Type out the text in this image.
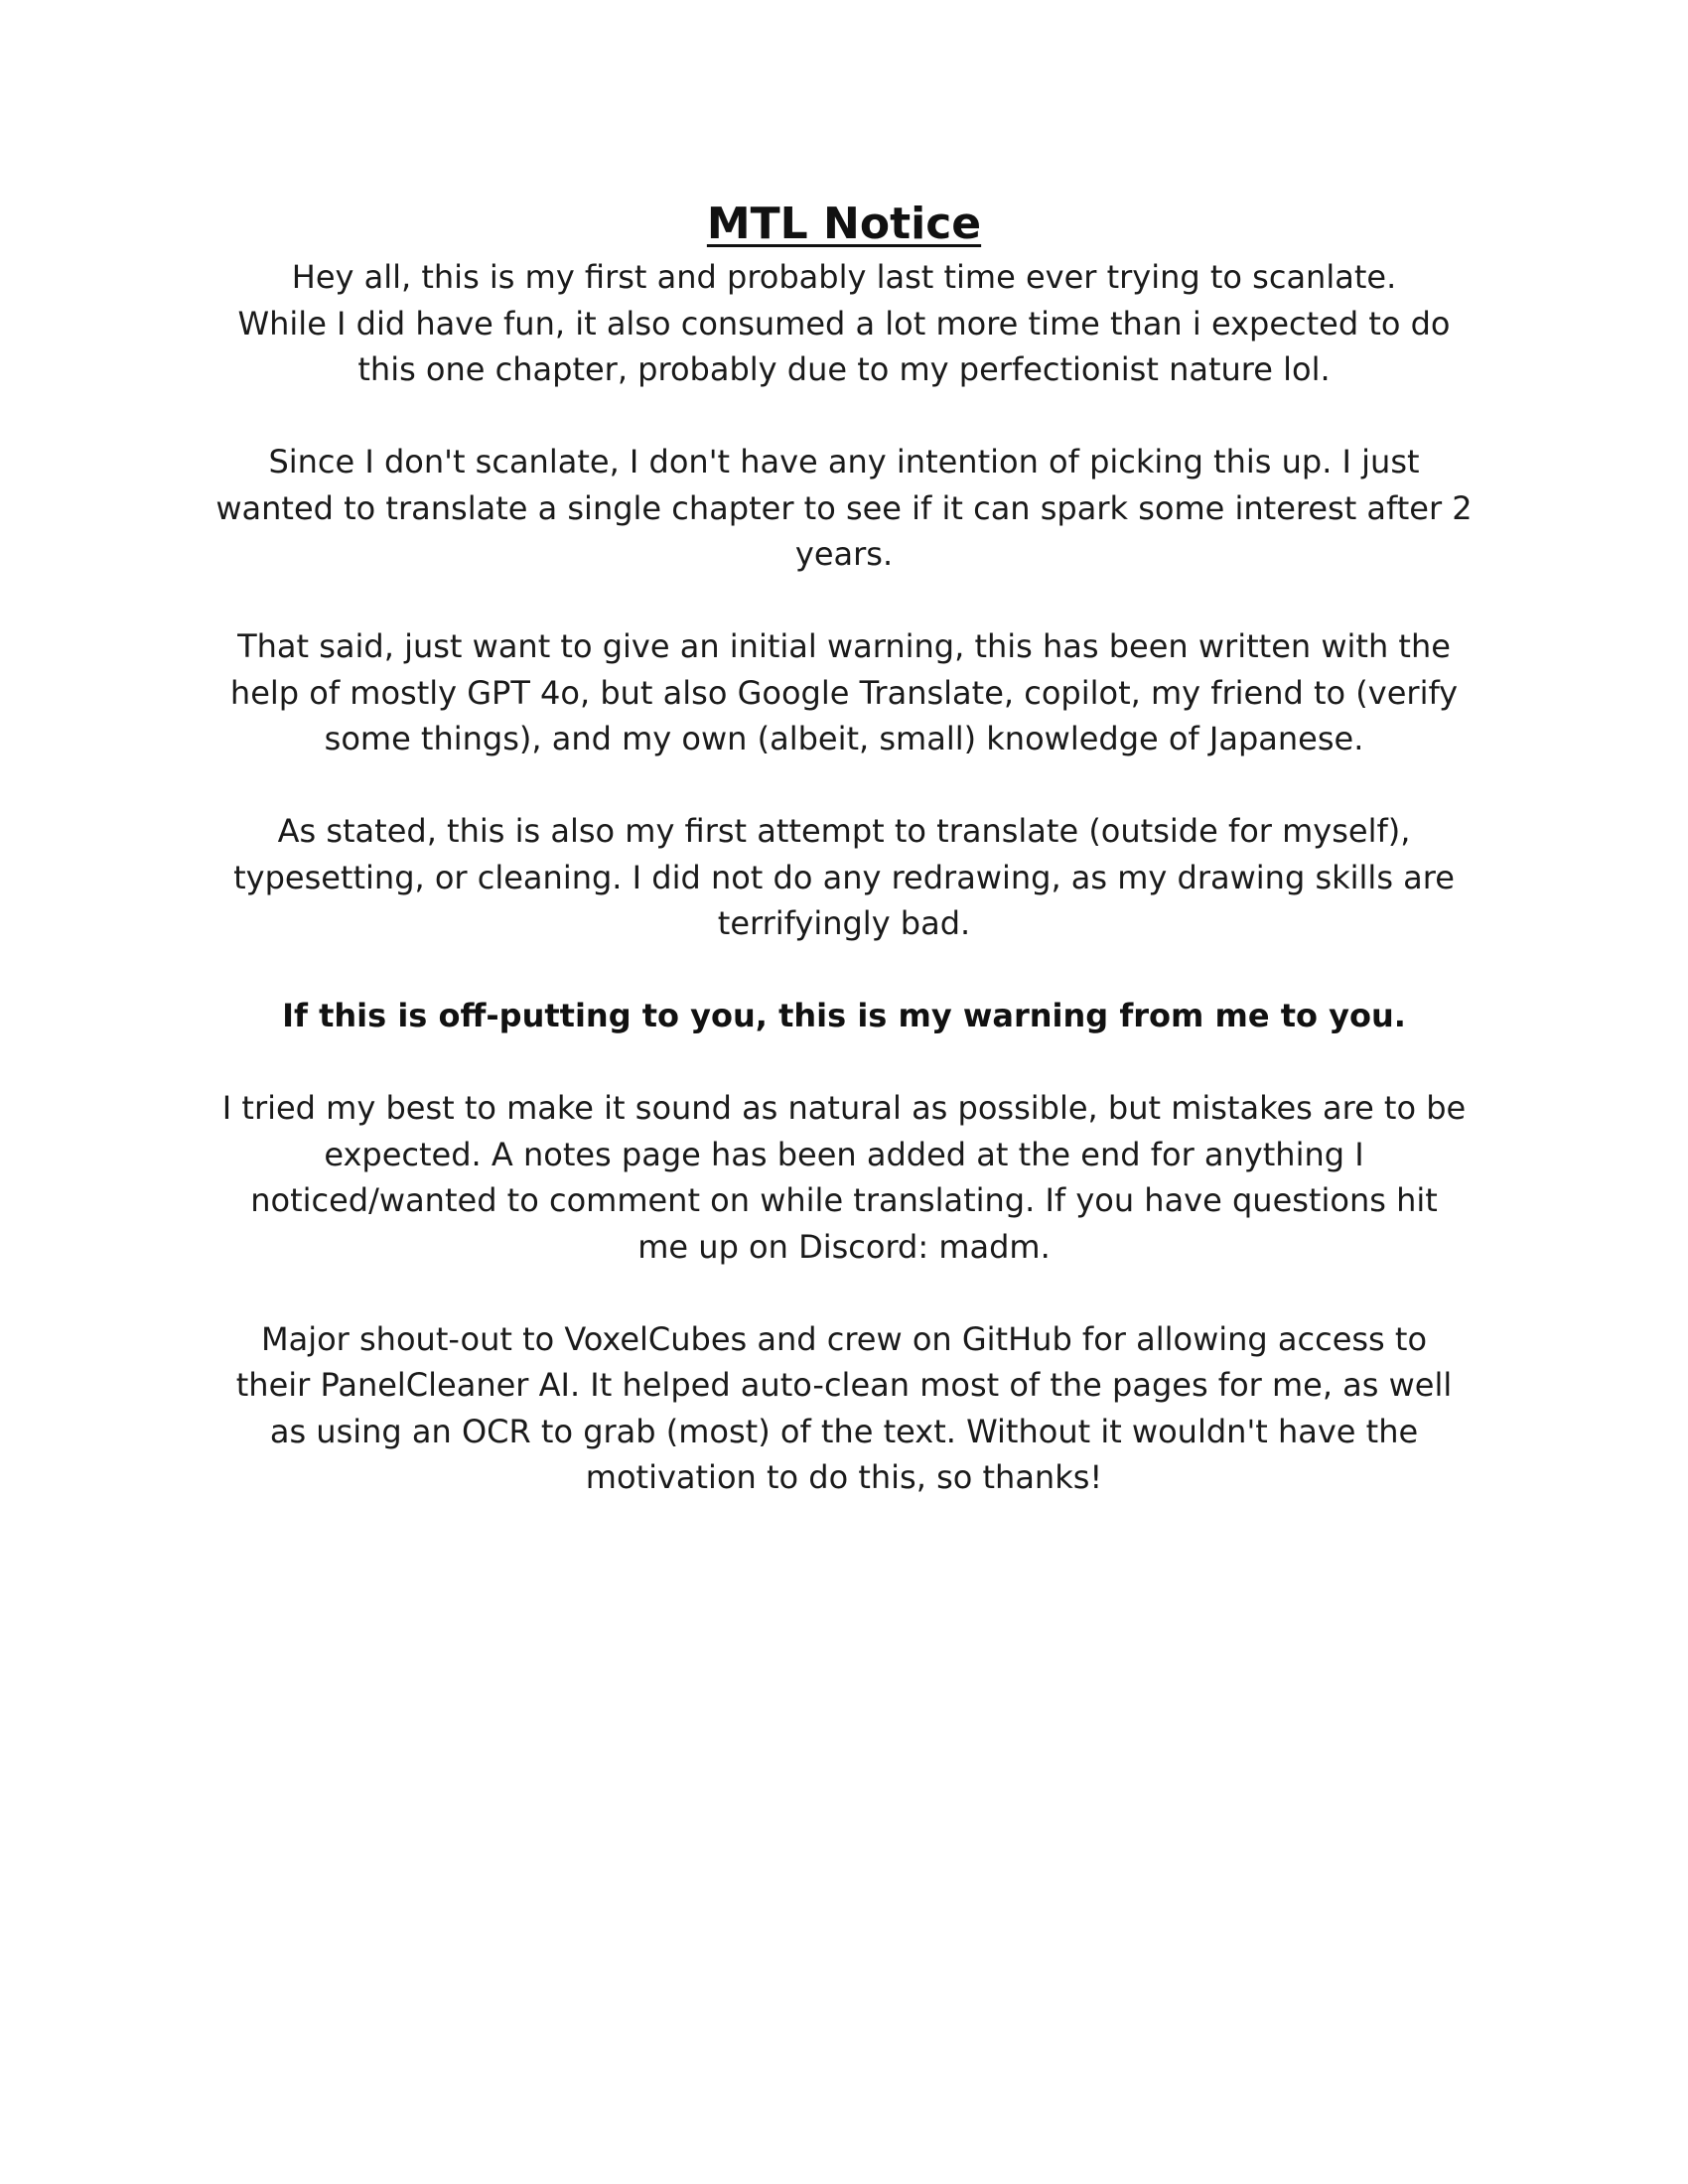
MTL Notice

Hey all, this is my first and probably last time ever trying to scanlate.
While I did have fun, it also consumed a lot more time than i expected to do
this one chapter, probably due to my perfectionist nature lol.

Since I don't scanlate, I don't have any intention of picking this up. I just
wanted to translate a single chapter to see if it can spark some interest after 2
years.

That said, just want to give an initial warning, this has been written with the
help of mostly GPT 4o, but also Google Translate, copilot, my friend to (verify
some things), and my own (albeit, small) knowledge of Japanese.

As stated, this is also my first attempt to translate (outside for myself),
typesetting, or cleaning. I did not do any redrawing, as my drawing skills are
terrifyingly bad.

If this is off-putting to you, this is my warning from me to you.

I tried my best to make it sound as natural as possible, but mistakes are to be
expected. A notes page has been added at the end for anything I
noticed/wanted to comment on while translating. If you have questions hit
me up on Discord: madm.

Major shout-out to VoxelCubes and crew on GitHub for allowing access to
their PanelCleaner AI. It helped auto-clean most of the pages for me, as well
as using an OCR to grab (most) of the text. Without it wouldn't have the
motivation to do this, so thanks!
